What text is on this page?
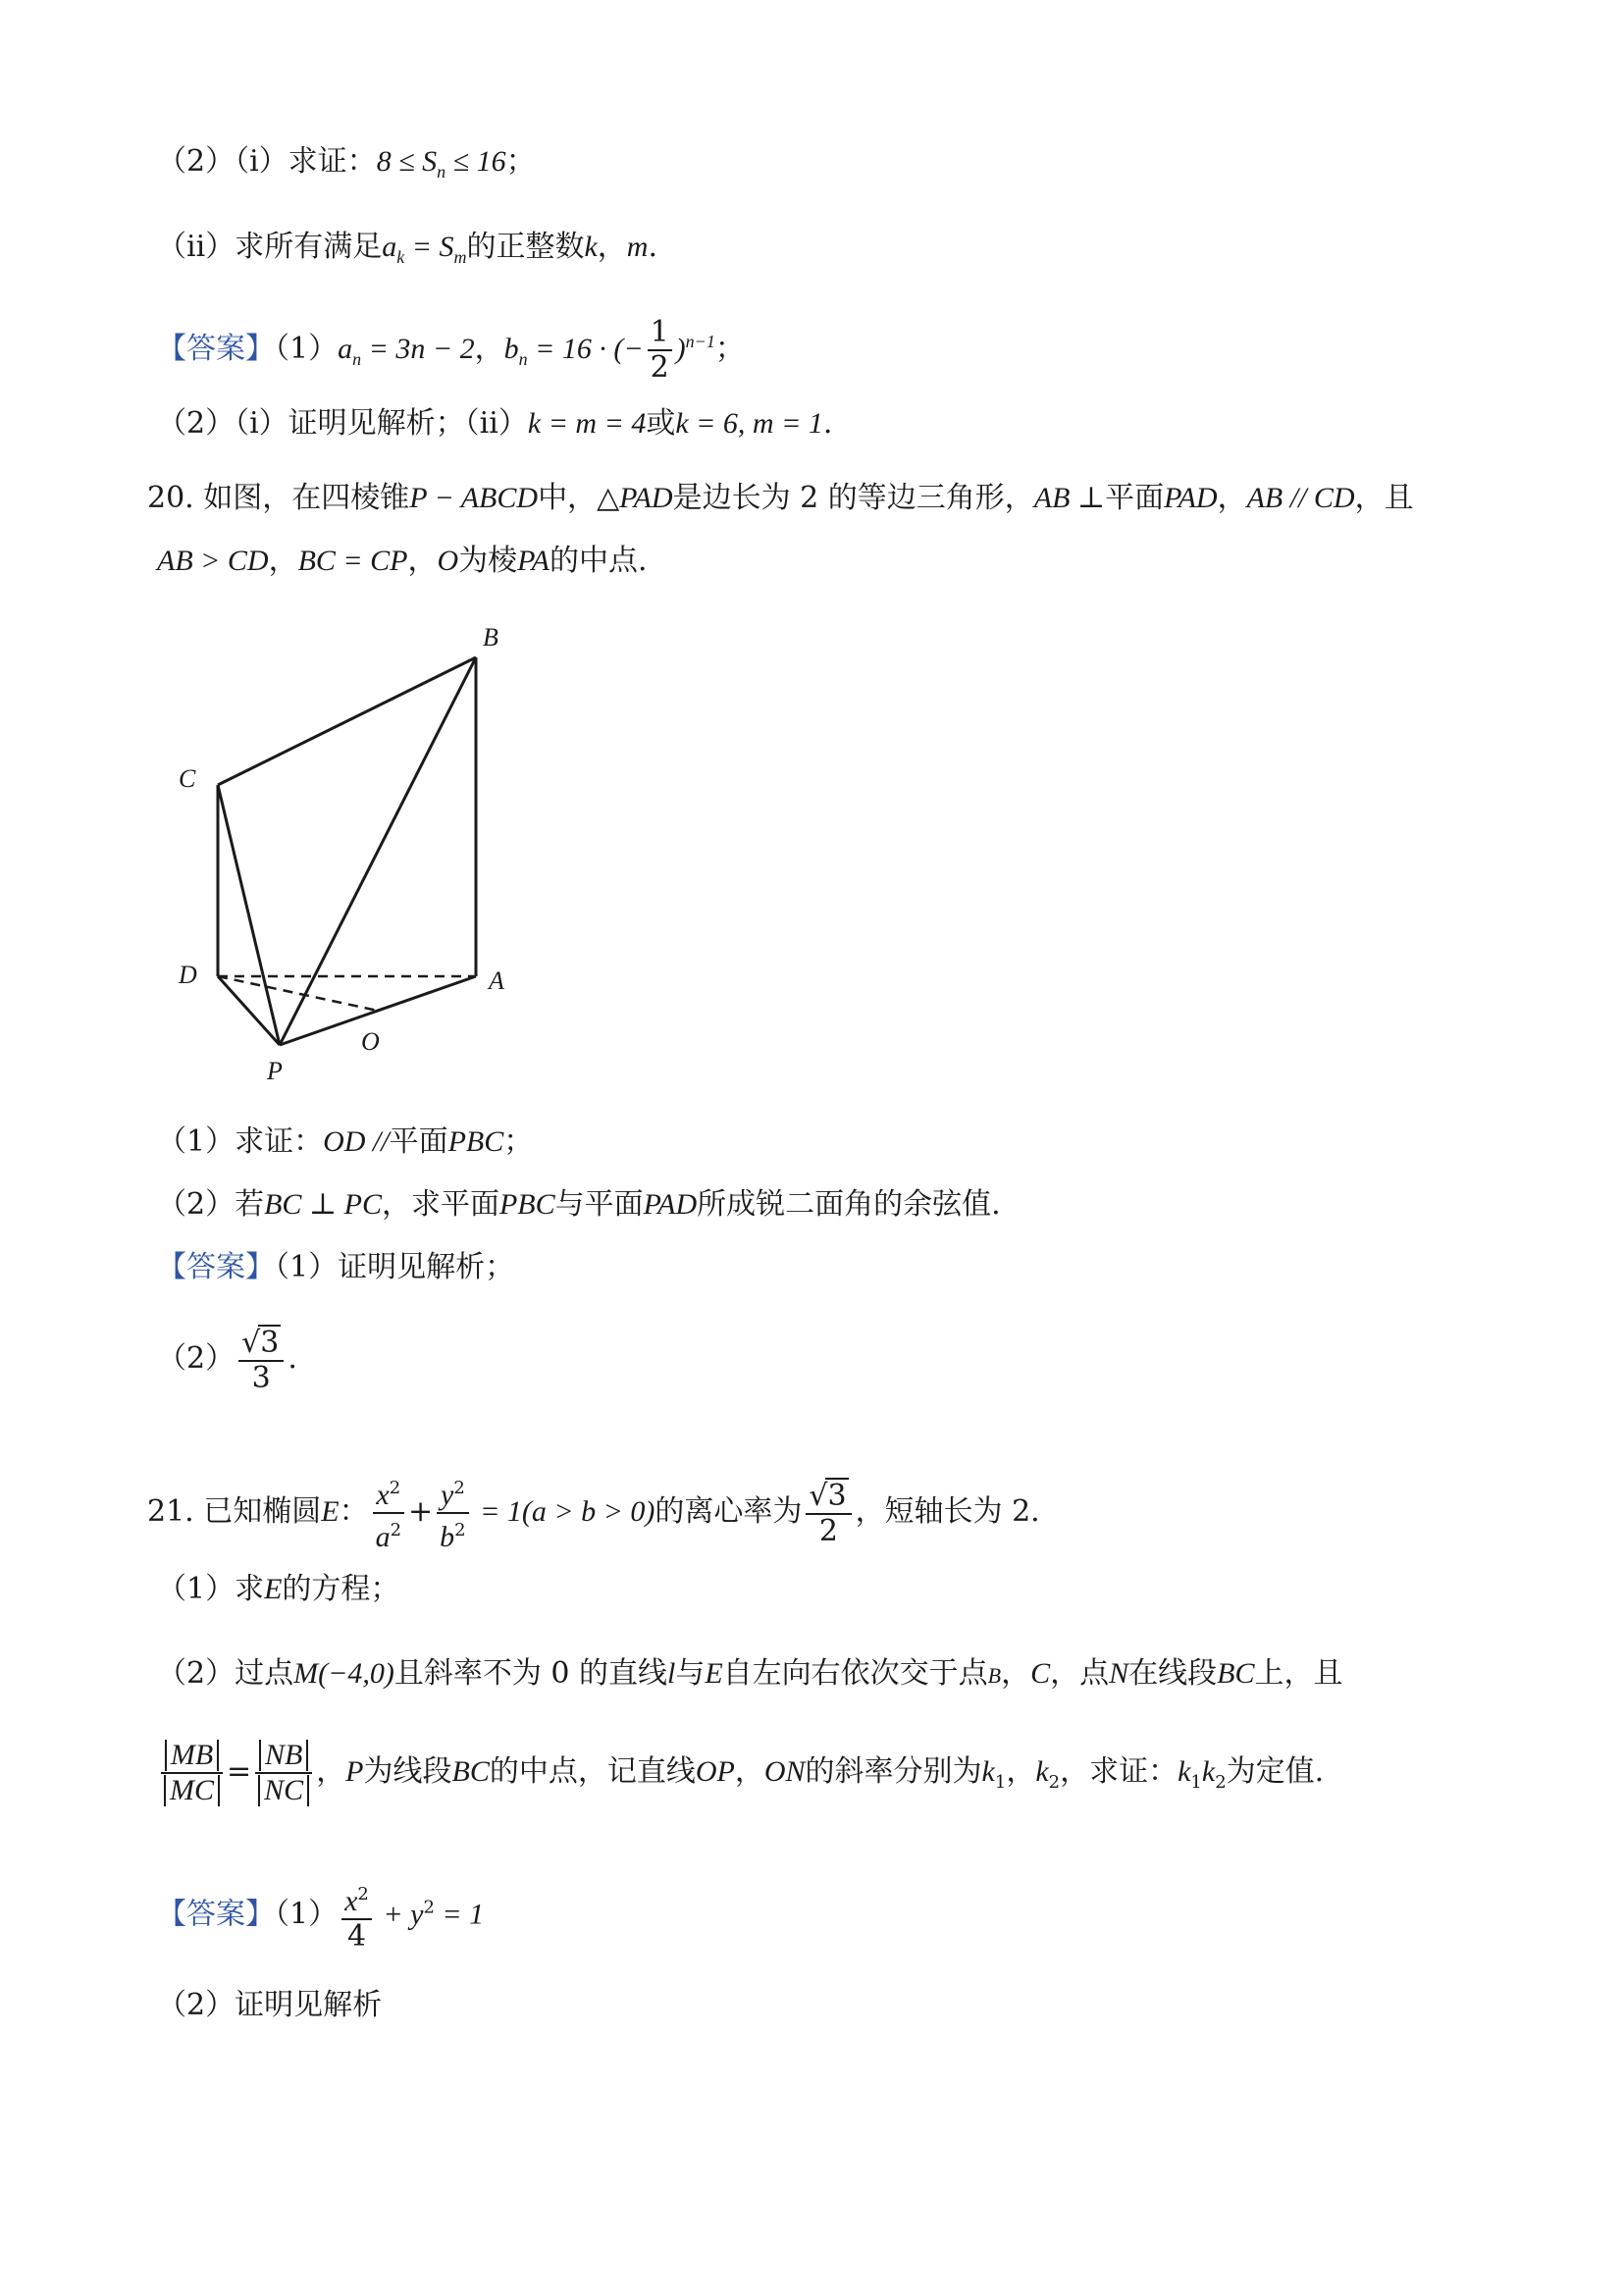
（2）（i）求证：$8 \le S_n \le 16$；
（ii）求所有满足$a_k = S_m$的正整数k，m.
【答案】$(1)a_n = 3n - 2$，$b_n = 16$ · (− $\frac{1}{2} )^{n-1}$；
（2）（i）证明见解析；（ii）k = m = 4或k = 6, m = 1.
20. 如图，在四棱锥P − ABCD中，△PAD是边长为 2 的等边三角形，AB ⊥平面PAD，AB // CD，且
AB > CD，BC = CP，O为棱PA的中点.
B
C
D	A
P
O
（1）求证：OD //平面PBC；
（2）若BC ⊥ PC，求平面PBC与平面PAD所成锐二面角的余弦值.
【答案】（1）证明见解析；
$(2) \frac{√3}{3}$ .
21. 已知椭圆E： $\frac{x^2}{a^2} + \frac{y^2}{b^2} = 1(a > b > 0)$的离心率为 $\frac{√3}{2}$ ，短轴长为 2.
（1）求E的方程；
（2）过点M(−4,0)且斜率不为 0 的直线l与E自左向右依次交于点B，C，点N在线段BC上，且
$\frac{MB}{MC} = \frac{NB}{NC}$ ，P为线段BC的中点，记直线OP，ON的斜率分别为$k_1$，$k_2$，求证：$k_1k_2$为定值.
【答案】$(1) \frac{x^2}{4} + y^2 = 1$
（2）证明见解析
